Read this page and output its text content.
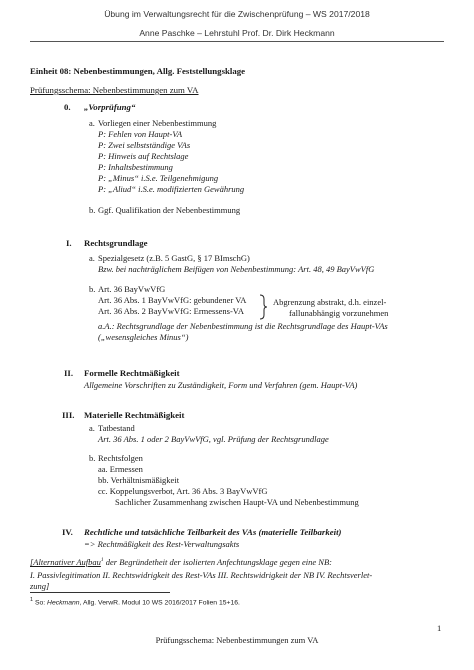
Übung im Verwaltungsrecht für die Zwischenprüfung – WS 2017/2018
Anne Paschke – Lehrstuhl Prof. Dr. Dirk Heckmann
Einheit 08: Nebenbestimmungen, Allg. Feststellungsklage
Prüfungsschema: Nebenbestimmungen zum VA
0. „Vorprüfung“
a. Vorliegen einer Nebenbestimmung
P: Fehlen von Haupt-VA
P: Zwei selbstständige VAs
P: Hinweis auf Rechtslage
P: Inhaltsbestimmung
P: „Minus“ i.S.e. Teilgenehmigung
P: „Aliud“ i.S.e. modifizierten Gewährung
b. Ggf. Qualifikation der Nebenbestimmung
I. Rechtsgrundlage
a. Spezialgesetz (z.B. 5 GastG, § 17 BImschG)
Bzw. bei nachträglichem Beifügen von Nebenbestimmung: Art. 48, 49 BayVwVfG
b. Art. 36 BayVwVfG
Art. 36 Abs. 1 BayVwVfG: gebundener VA
Art. 36 Abs. 2 BayVwVfG: Ermessens-VA
Abgrenzung abstrakt, d.h. einzel-
fallunabhängig vorzunehmen
a.A.: Rechtsgrundlage der Nebenbestimmung ist die Rechtsgrundlage des Haupt-VAs
(„wesensgleiches Minus“)
II. Formelle Rechtmäßigkeit
Allgemeine Vorschriften zu Zuständigkeit, Form und Verfahren (gem. Haupt-VA)
III. Materielle Rechtmäßigkeit
a. Tatbestand
Art. 36 Abs. 1 oder 2 BayVwVfG, vgl. Prüfung der Rechtsgrundlage
b. Rechtsfolgen
aa. Ermessen
bb. Verhältnismäßigkeit
cc. Koppelungsverbot, Art. 36 Abs. 3 BayVwVfG
Sachlicher Zusammenhang zwischen Haupt-VA und Nebenbestimmung
IV. Rechtliche und tatsächliche Teilbarkeit des VAs (materielle Teilbarkeit)
=> Rechtmäßigkeit des Rest-Verwaltungsakts
[Alternativer Aufbau$^1$ der Begründetheit der isolierten Anfechtungsklage gegen eine NB:
I. Passivlegitimation II. Rechtswidrigkeit des Rest-VAs III. Rechtswidrigkeit der NB IV. Rechtsverlet-
zung]
$^1$ So: Heckmann, Allg. VerwR. Modul 10 WS 2016/2017 Folien 15+16.
1
Prüfungsschema: Nebenbestimmungen zum VA
